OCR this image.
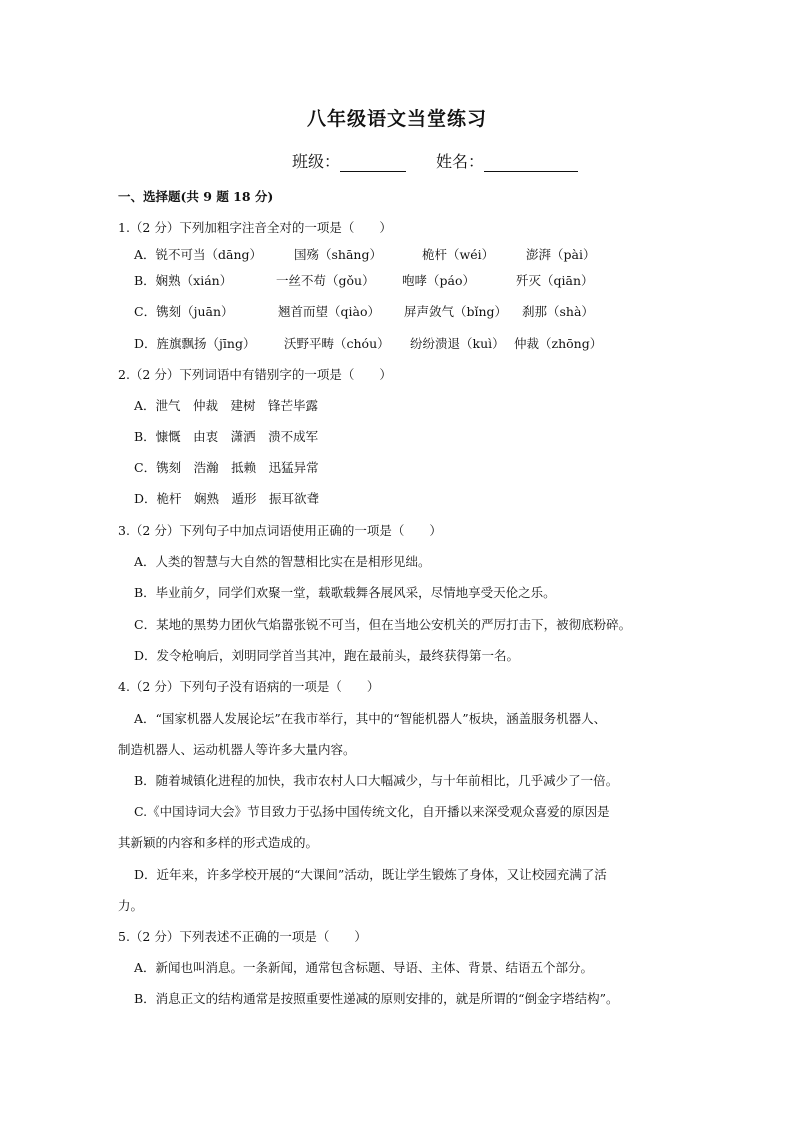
八年级语文当堂练习
班级：	姓名：
一、选择题(共 9 题 18 分)
1.（2 分）下列加粗字注音全对的一项是（　　）
A．锐不可当（dāng）	国殇（shāng）	桅杆（wéi）	澎湃（pài）
B．娴熟（xián）	一丝不苟（gǒu） 咆哮（páo）	歼灭（qiān）
C．镌刻（juān）	翘首而望（qiào） 屏声敛气（bǐng） 刹那（shà）
D．旌旗飘扬（jīng） 沃野平畴（chóu） 纷纷溃退（kuì） 仲裁（zhōng）
2.（2 分）下列词语中有错别字的一项是（　　）
A．泄气　仲裁　建树　锋芒毕露
B．慷慨　由衷　潇洒　溃不成军
C．镌刻　浩瀚　抵赖　迅猛异常
D．桅杆　娴熟　遁形　振耳欲聋
3.（2 分）下列句子中加点词语使用正确的一项是（　　）
A．人类的智慧与大自然的智慧相比实在是相形见绌。
B．毕业前夕，同学们欢聚一堂，载歌载舞各展风采，尽情地享受天伦之乐。
C．某地的黑势力团伙气焰嚣张锐不可当，但在当地公安机关的严厉打击下，被彻底粉碎。
D．发令枪响后，刘明同学首当其冲，跑在最前头，最终获得第一名。
4.（2 分）下列句子没有语病的一项是（　　）
A．“国家机器人发展论坛”在我市举行，其中的“智能机器人”板块，涵盖服务机器人、
制造机器人、运动机器人等许多大量内容。
B．随着城镇化进程的加快，我市农村人口大幅减少，与十年前相比，几乎减少了一倍。
C.《中国诗词大会》节目致力于弘扬中国传统文化，自开播以来深受观众喜爱的原因是
其新颖的内容和多样的形式造成的。
D．近年来，许多学校开展的“大课间”活动，既让学生锻炼了身体，又让校园充满了活
力。
5.（2 分）下列表述不正确的一项是（　　）
A．新闻也叫消息。一条新闻，通常包含标题、导语、主体、背景、结语五个部分。
B．消息正文的结构通常是按照重要性递减的原则安排的，就是所谓的“倒金字塔结构”。
